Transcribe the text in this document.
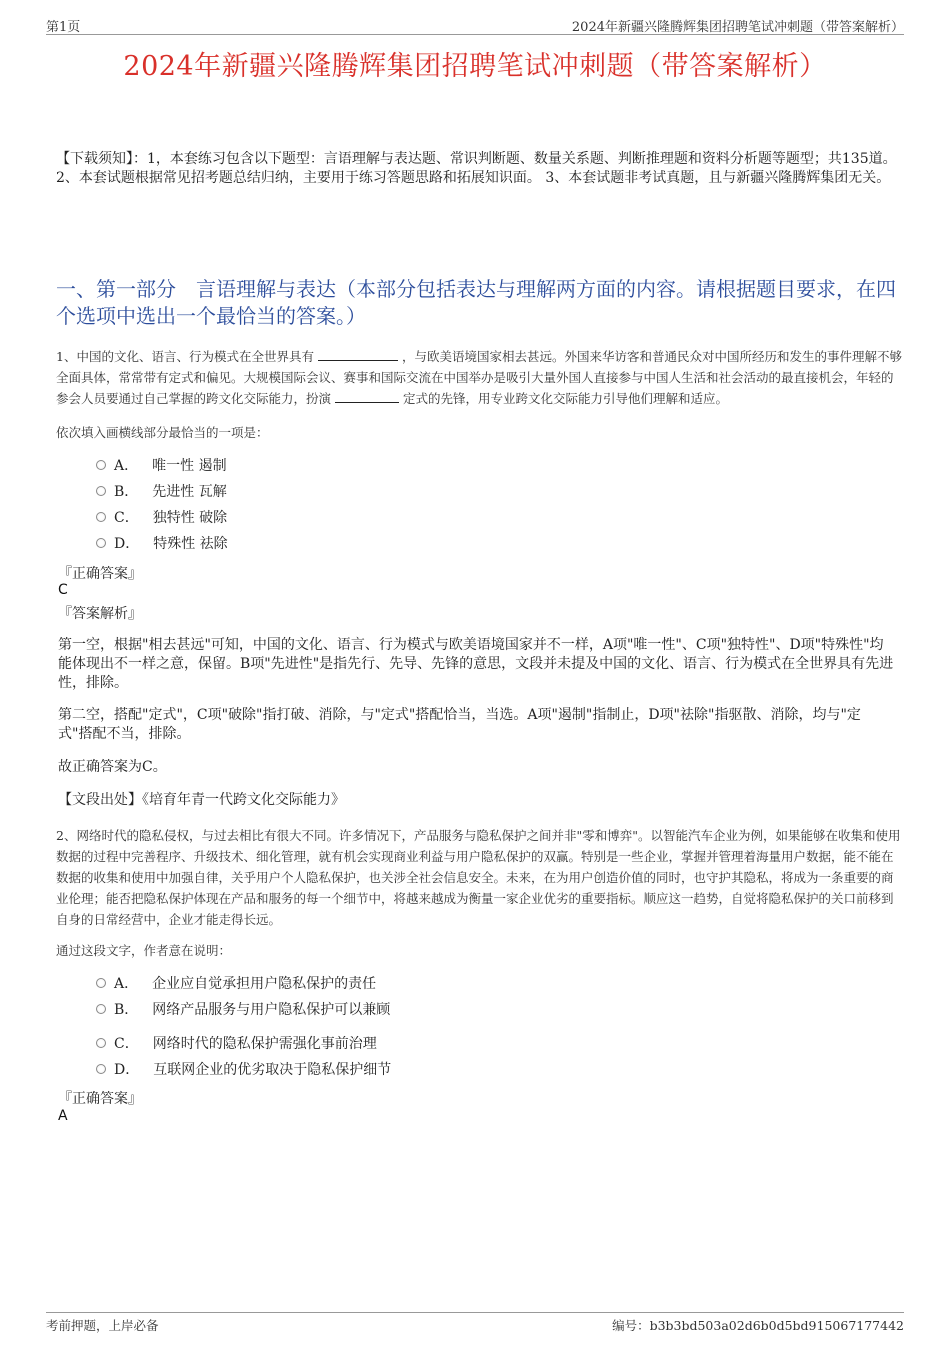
第1页	2024年新疆兴隆腾辉集团招聘笔试冲刺题（带答案解析）
2024年新疆兴隆腾辉集团招聘笔试冲刺题（带答案解析）
【下载须知】：1，本套练习包含以下题型：言语理解与表达题、常识判断题、数量关系题、判断推理题和资料分析题等题型；共135道。 2、本套试题根据常见招考题总结归纳，主要用于练习答题思路和拓展知识面。 3、本套试题非考试真题，且与新疆兴隆腾辉集团无关。
一、第一部分　言语理解与表达（本部分包括表达与理解两方面的内容。请根据题目要求，在四个选项中选出一个最恰当的答案。）
1、中国的文化、语言、行为模式在全世界具有	，与欧美语境国家相去甚远。外国来华访客和普通民众对中国所经历和发生的事件理解不够全面具体，常常带有定式和偏见。大规模国际会议、赛事和国际交流在中国举办是吸引大量外国人直接参与中国人生活和社会活动的最直接机会，年轻的参会人员要通过自己掌握的跨文化交际能力，扮演	定式的先锋，用专业跨文化交际能力引导他们理解和适应。
依次填入画横线部分最恰当的一项是：
A． 唯一性 遏制
B． 先进性 瓦解
C． 独特性 破除
D． 特殊性 祛除
『正确答案』
C
『答案解析』
第一空，根据"相去甚远"可知，中国的文化、语言、行为模式与欧美语境国家并不一样，A项"唯一性"、C项"独特性"、D项"特殊性"均能体现出不一样之意，保留。B项"先进性"是指先行、先导、先锋的意思，文段并未提及中国的文化、语言、行为模式在全世界具有先进性，排除。
第二空，搭配"定式"，C项"破除"指打破、消除，与"定式"搭配恰当，当选。A项"遏制"指制止，D项"祛除"指驱散、消除，均与"定式"搭配不当，排除。
故正确答案为C。
【文段出处】《培育年青一代跨文化交际能力》
2、网络时代的隐私侵权，与过去相比有很大不同。许多情况下，产品服务与隐私保护之间并非"零和博弈"。以智能汽车企业为例，如果能够在收集和使用数据的过程中完善程序、升级技术、细化管理，就有机会实现商业利益与用户隐私保护的双赢。特别是一些企业，掌握并管理着海量用户数据，能不能在数据的收集和使用中加强自律，关乎用户个人隐私保护，也关涉全社会信息安全。未来，在为用户创造价值的同时，也守护其隐私，将成为一条重要的商业伦理；能否把隐私保护体现在产品和服务的每一个细节中，将越来越成为衡量一家企业优劣的重要指标。顺应这一趋势，自觉将隐私保护的关口前移到自身的日常经营中，企业才能走得长远。
通过这段文字，作者意在说明：
A． 企业应自觉承担用户隐私保护的责任
B． 网络产品服务与用户隐私保护可以兼顾
C． 网络时代的隐私保护需强化事前治理
D． 互联网企业的优劣取决于隐私保护细节
『正确答案』
A
考前押题，上岸必备	编号：b3b3bd503a02d6b0d5bd915067177442
